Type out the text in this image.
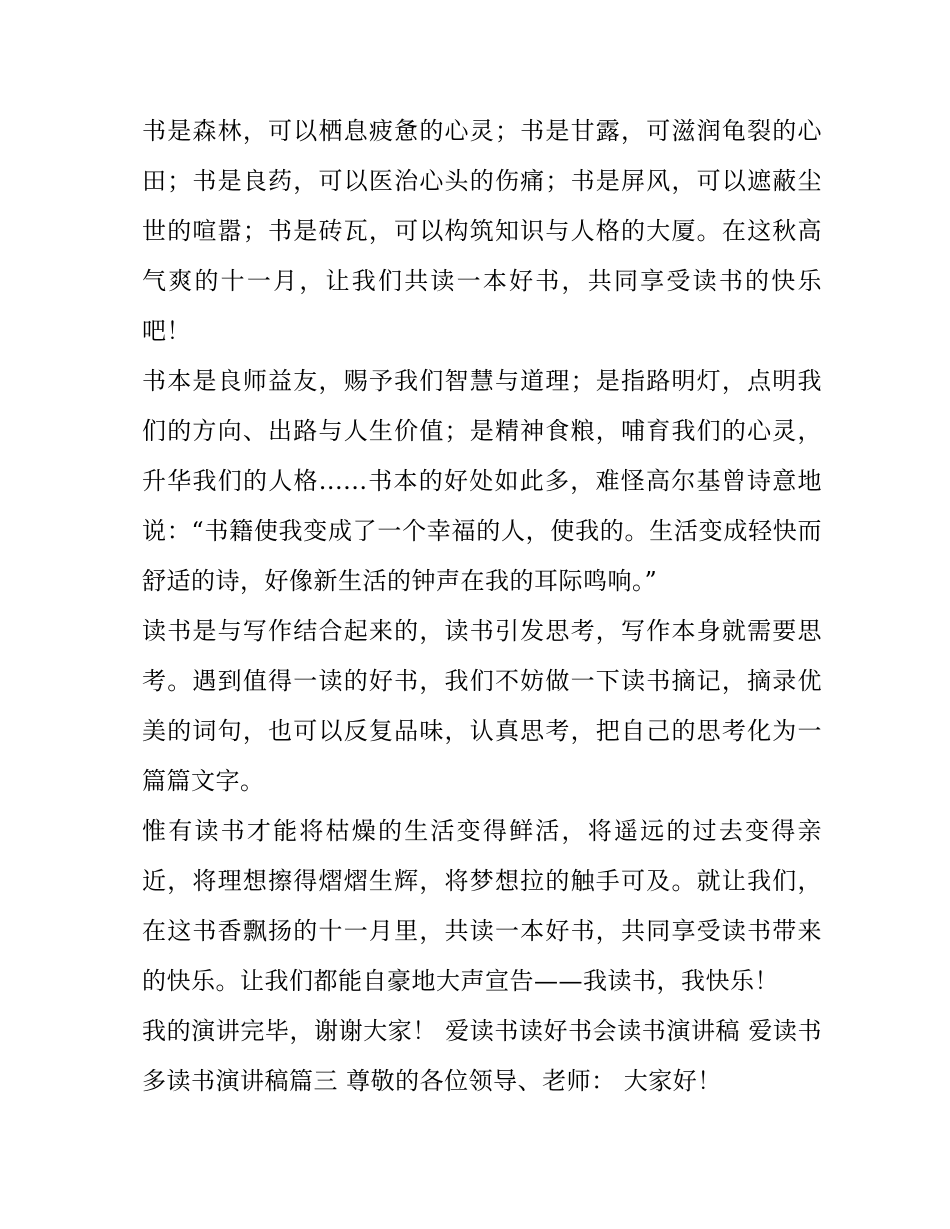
书是森林，可以栖息疲惫的心灵；书是甘露，可滋润龟裂的心田；书是良药，可以医治心头的伤痛；书是屏风，可以遮蔽尘世的喧嚣；书是砖瓦，可以构筑知识与人格的大厦。在这秋高气爽的十一月，让我们共读一本好书，共同享受读书的快乐吧！

书本是良师益友，赐予我们智慧与道理；是指路明灯，点明我们的方向、出路与人生价值；是精神食粮，哺育我们的心灵，升华我们的人格......书本的好处如此多，难怪高尔基曾诗意地说：“书籍使我变成了一个幸福的人，使我的。生活变成轻快而舒适的诗，好像新生活的钟声在我的耳际鸣响。”

读书是与写作结合起来的，读书引发思考，写作本身就需要思考。遇到值得一读的好书，我们不妨做一下读书摘记，摘录优美的词句，也可以反复品味，认真思考，把自己的思考化为一篇篇文字。

惟有读书才能将枯燥的生活变得鲜活，将遥远的过去变得亲近，将理想擦得熠熠生辉，将梦想拉的触手可及。就让我们，在这书香飘扬的十一月里，共读一本好书，共同享受读书带来的快乐。让我们都能自豪地大声宣告——我读书，我快乐！

我的演讲完毕，谢谢大家！ 爱读书读好书会读书演讲稿 爱读书多读书演讲稿篇三 尊敬的各位领导、老师： 大家好！
